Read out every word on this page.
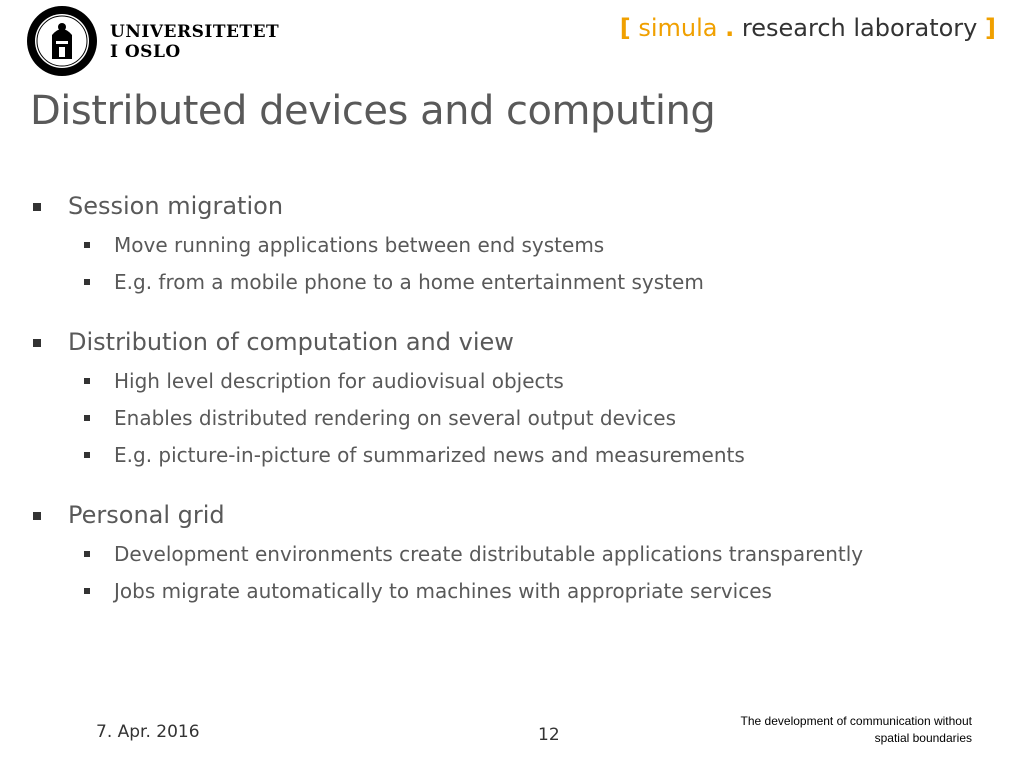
UNIVERSITETET
I OSLO
[ simula . research laboratory ]
Distributed devices and computing
Session migration
Move running applications between end systems
E.g. from a mobile phone to a home entertainment system
Distribution of computation and view
High level description for audiovisual objects
Enables distributed rendering on several output devices
E.g. picture-in-picture of summarized news and measurements
Personal grid
Development environments create distributable applications transparently
Jobs migrate automatically to machines with appropriate services
7. Apr. 2016	12
The development of communication without
spatial boundaries
